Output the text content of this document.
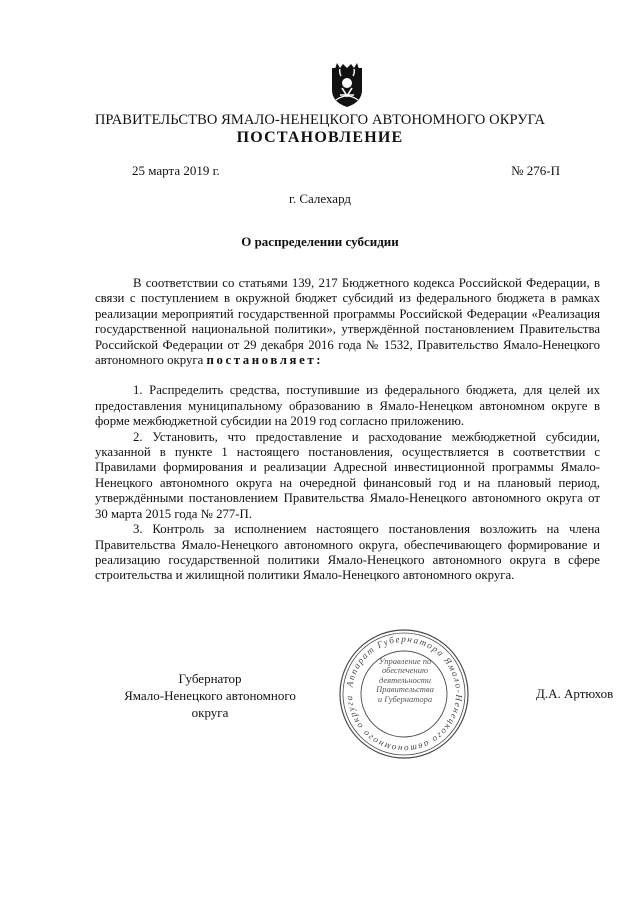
ПРАВИТЕЛЬСТВО ЯМАЛО-НЕНЕЦКОГО АВТОНОМНОГО ОКРУГА
ПОСТАНОВЛЕНИЕ
25 марта 2019 г.	№ 276-П
г. Салехард
О распределении субсидии

В соответствии со статьями 139, 217 Бюджетного кодекса Российской Федерации, в связи с поступлением в окружной бюджет субсидий из федерального бюджета в рамках реализации мероприятий государственной программы Российской Федерации «Реализация государственной национальной политики», утверждённой постановлением Правительства Российской Федерации от 29 декабря 2016 года № 1532, Правительство Ямало-Ненецкого автономного округа постановляет:

1. Распределить средства, поступившие из федерального бюджета, для целей их предоставления муниципальному образованию в Ямало-Ненецком автономном округе в форме межбюджетной субсидии на 2019 год согласно приложению.

2. Установить, что предоставление и расходование межбюджетной субсидии, указанной в пункте 1 настоящего постановления, осуществляется в соответствии с Правилами формирования и реализации Адресной инвестиционной программы Ямало-Ненецкого автономного округа на очередной финансовый год и на плановый период, утверждёнными постановлением Правительства Ямало-Ненецкого автономного округа от 30 марта 2015 года № 277-П.

3. Контроль за исполнением настоящего постановления возложить на члена Правительства Ямало-Ненецкого автономного округа, обеспечивающего формирование и реализацию государственной политики Ямало-Ненецкого автономного округа в сфере строительства и жилищной политики Ямало-Ненецкого автономного округа.

Губернатор
Ямало-Ненецкого автономного округа
Аппарат Губернатора Ямало-Ненецкого автономного округа
Управление по
обеспечению
деятельности
Правительства
и Губернатора	Д.А. Артюхов
